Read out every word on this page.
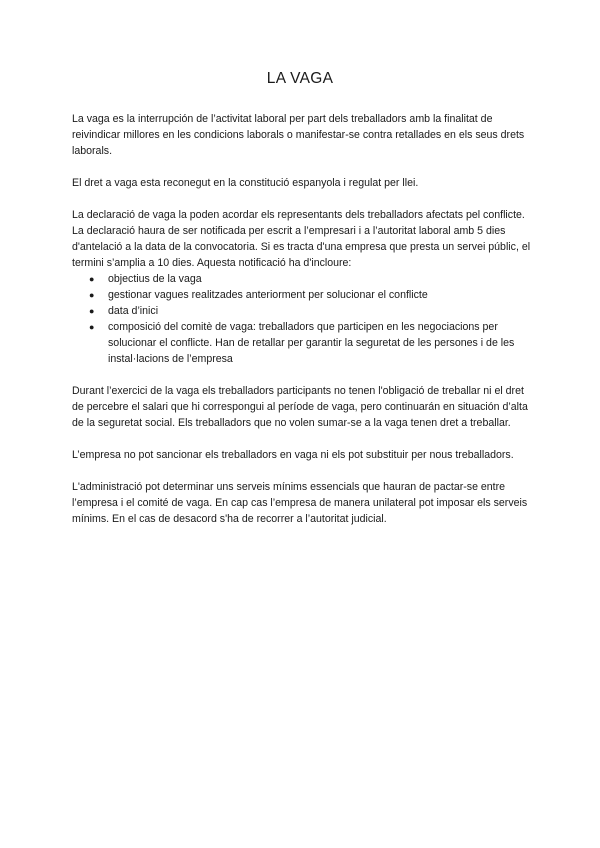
LA VAGA

La vaga es la interrupción de l’activitat laboral per part dels treballadors amb la finalitat de reivindicar millores en les condicions laborals o manifestar-se contra retallades en els seus drets laborals.

El dret a vaga esta reconegut en la constitució espanyola i regulat per llei.

La declaració de vaga la poden acordar els representants dels treballadors afectats pel conflicte. La declaració haura de ser notificada per escrit a l’empresari i a l’autoritat laboral amb 5 dies d'antelació a la data de la convocatoria. Si es tracta d'una empresa que presta un servei públic, el termini s’amplia a 10 dies. Aquesta notificació ha d'incloure:

● objectius de la vaga
● gestionar vagues realitzades anteriorment per solucionar el conflicte
● data d’inici
● composició del comitè de vaga: treballadors que participen en les negociacions per solucionar el conflicte. Han de retallar per garantir la seguretat de les persones i de les instal·lacions de l’empresa

Durant l’exercici de la vaga els treballadors participants no tenen l'obligació de treballar ni el dret de percebre el salari que hi correspongui al període de vaga, pero continuarán en situación d’alta de la seguretat social. Els treballadors que no volen sumar-se a la vaga tenen dret a treballar.

L’empresa no pot sancionar els treballadors en vaga ni els pot substituir per nous treballadors.

L'administració pot determinar uns serveis mínims essencials que hauran de pactar-se entre l’empresa i el comité de vaga. En cap cas l’empresa de manera unilateral pot imposar els serveis mínims. En el cas de desacord s'ha de recorrer a l’autoritat judicial.
